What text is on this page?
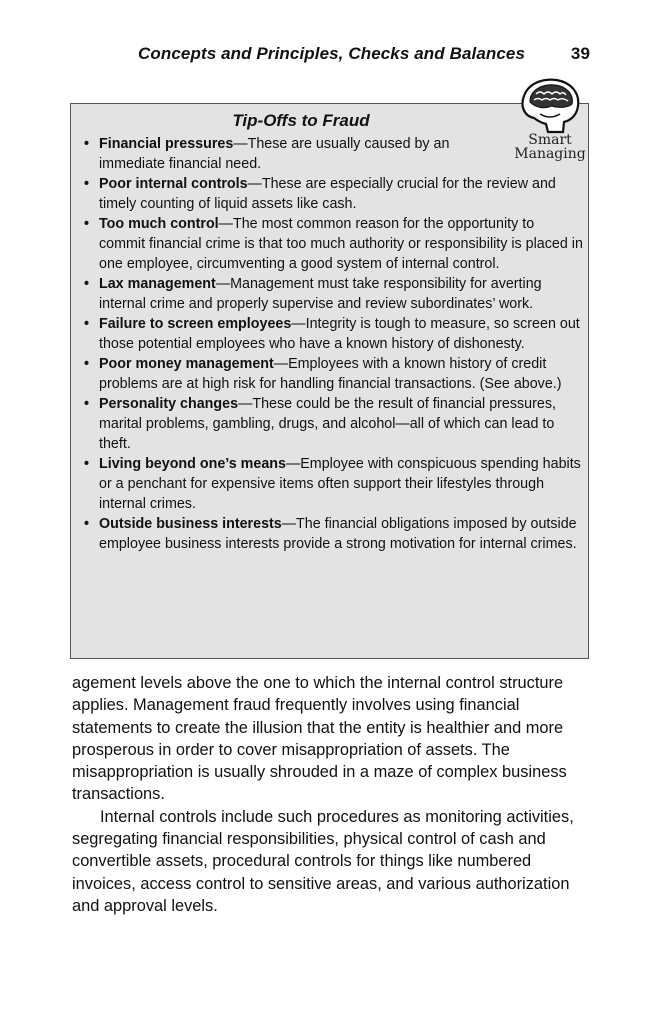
Concepts and Principles, Checks and Balances	39
Tip-Offs to Fraud
• Financial pressures—These are usually caused by an immediate financial need.
• Poor internal controls—These are especially crucial for the review and timely counting of liquid assets like cash.
• Too much control—The most common reason for the opportunity to commit financial crime is that too much authority or responsibility is placed in one employee, circumventing a good system of internal control.
• Lax management—Management must take responsibility for averting internal crime and properly supervise and review subordinates’ work.
• Failure to screen employees—Integrity is tough to measure, so screen out those potential employees who have a known history of dishonesty.
• Poor money management—Employees with a known history of credit problems are at high risk for handling financial transactions. (See above.)
• Personality changes—These could be the result of financial pressures, marital problems, gambling, drugs, and alcohol—all of which can lead to theft.
• Living beyond one’s means—Employee with conspicuous spending habits or a penchant for expensive items often support their lifestyles through internal crimes.
• Outside business interests—The financial obligations imposed by outside employee business interests provide a strong motivation for internal crimes.
Smart
Managing

agement levels above the one to which the internal control structure applies. Management fraud frequently involves using financial statements to create the illusion that the entity is healthier and more prosperous in order to cover misappropriation of assets. The misappropriation is usually shrouded in a maze of complex business transactions.

Internal controls include such procedures as monitoring activities, segregating financial responsibilities, physical control of cash and convertible assets, procedural controls for things like numbered invoices, access control to sensitive areas, and various authorization and approval levels.
